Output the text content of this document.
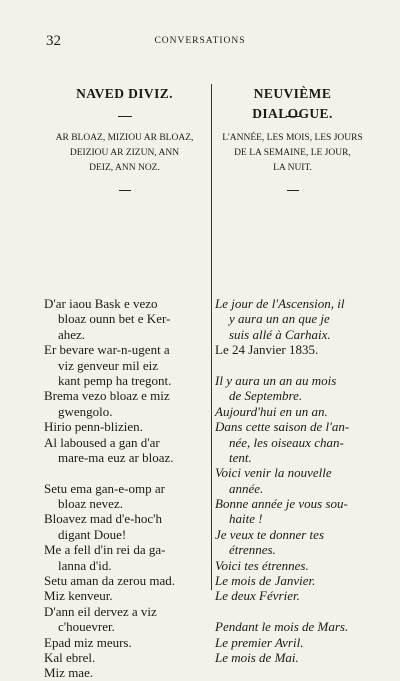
32	CONVERSATIONS
NAVED DIVIZ.
AR BLOAZ, MIZIOU AR BLOAZ,
DEIZIOU AR ZIZUN, ANN
DEIZ, ANN NOZ.
D'ar iaou Bask e vezo
bloaz ounn bet e Ker-
ahez.
Er bevare war-n-ugent a
viz genveur mil eiz
kant pemp ha tregont.
Brema vezo bloaz e miz
gwengolo.
Hirio penn-blizien.
Al laboused a gan d'ar
mare-ma euz ar bloaz.
Setu ema gan-e-omp ar
bloaz nevez.
Bloavez mad d'e-hoc'h
digant Doue!
Me a fell d'in rei da ga-
lanna d'id.
Setu aman da zerou mad.
Miz kenveur.
D'ann eil dervez a viz
c'houevrer.
Epad miz meurs.
Kal ebrel.
Miz mae.
NEUVIÈME DIALOGUE.
L'ANNÉE, LES MOIS, LES JOURS
DE LA SEMAINE, LE JOUR,
LA NUIT.
Le jour de l'Ascension, il
y aura un an que je
suis allé à Carhaix.
Le 24 Janvier 1835.
Il y aura un an au mois
de Septembre.
Aujourd'hui en un an.
Dans cette saison de l'an-
née, les oiseaux chan-
tent.
Voici venir la nouvelle
année.
Bonne année je vous sou-
haite !
Je veux te donner tes
étrennes.
Voici tes étrennes.
Le mois de Janvier.
Le deux Février.
Pendant le mois de Mars.
Le premier Avril.
Le mois de Mai.
